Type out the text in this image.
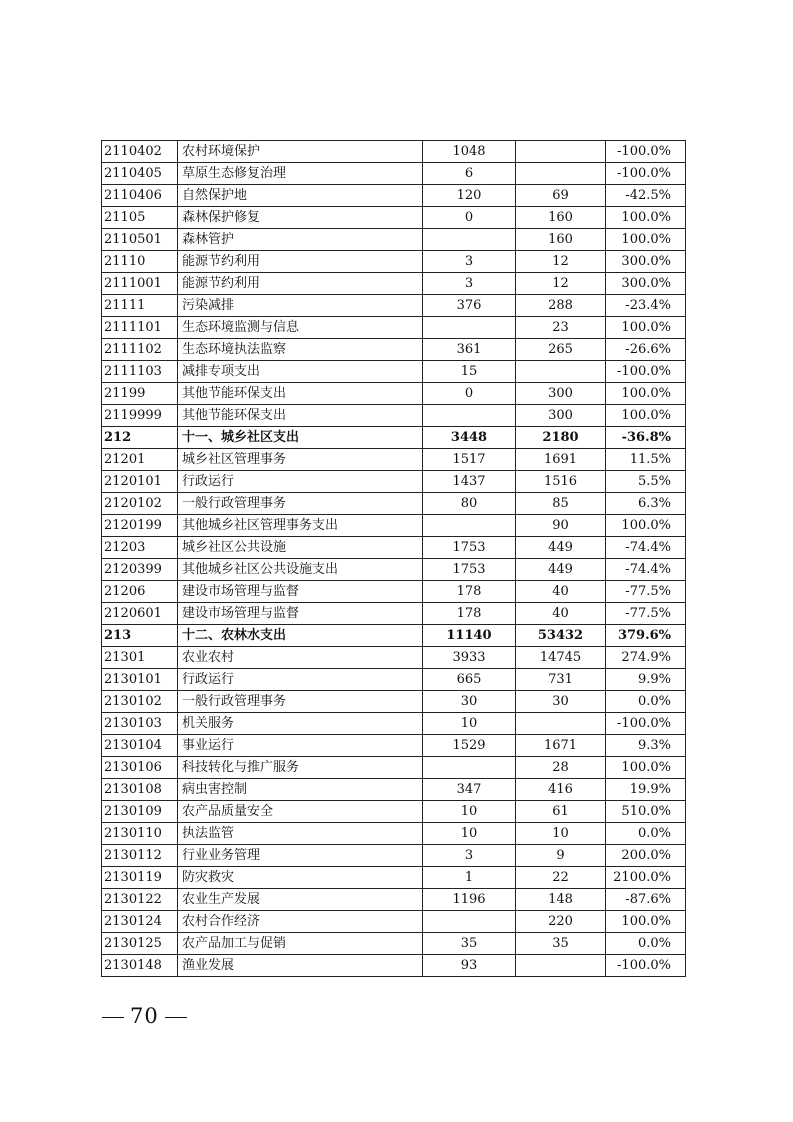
2110402	农村环境保护	1048		-100.0%
2110405	草原生态修复治理	6		-100.0%
2110406	自然保护地	120	69	-42.5%
21105	森林保护修复	0	160	100.0%
2110501	森林管护		160	100.0%
21110	能源节约利用	3	12	300.0%
2111001	能源节约利用	3	12	300.0%
21111	污染减排	376	288	-23.4%
2111101	生态环境监测与信息		23	100.0%
2111102	生态环境执法监察	361	265	-26.6%
2111103	减排专项支出	15		-100.0%
21199	其他节能环保支出	0	300	100.0%
2119999	其他节能环保支出		300	100.0%
212	十一、城乡社区支出	3448	2180	-36.8%
21201	城乡社区管理事务	1517	1691	11.5%
2120101	行政运行	1437	1516	5.5%
2120102	一般行政管理事务	80	85	6.3%
2120199	其他城乡社区管理事务支出		90	100.0%
21203	城乡社区公共设施	1753	449	-74.4%
2120399	其他城乡社区公共设施支出	1753	449	-74.4%
21206	建设市场管理与监督	178	40	-77.5%
2120601	建设市场管理与监督	178	40	-77.5%
213	十二、农林水支出	11140	53432	379.6%
21301	农业农村	3933	14745	274.9%
2130101	行政运行	665	731	9.9%
2130102	一般行政管理事务	30	30	0.0%
2130103	机关服务	10		-100.0%
2130104	事业运行	1529	1671	9.3%
2130106	科技转化与推广服务		28	100.0%
2130108	病虫害控制	347	416	19.9%
2130109	农产品质量安全	10	61	510.0%
2130110	执法监管	10	10	0.0%
2130112	行业业务管理	3	9	200.0%
2130119	防灾救灾	1	22	2100.0%
2130122	农业生产发展	1196	148	-87.6%
2130124	农村合作经济		220	100.0%
2130125	农产品加工与促销	35	35	0.0%
2130148	渔业发展	93		-100.0%
70
